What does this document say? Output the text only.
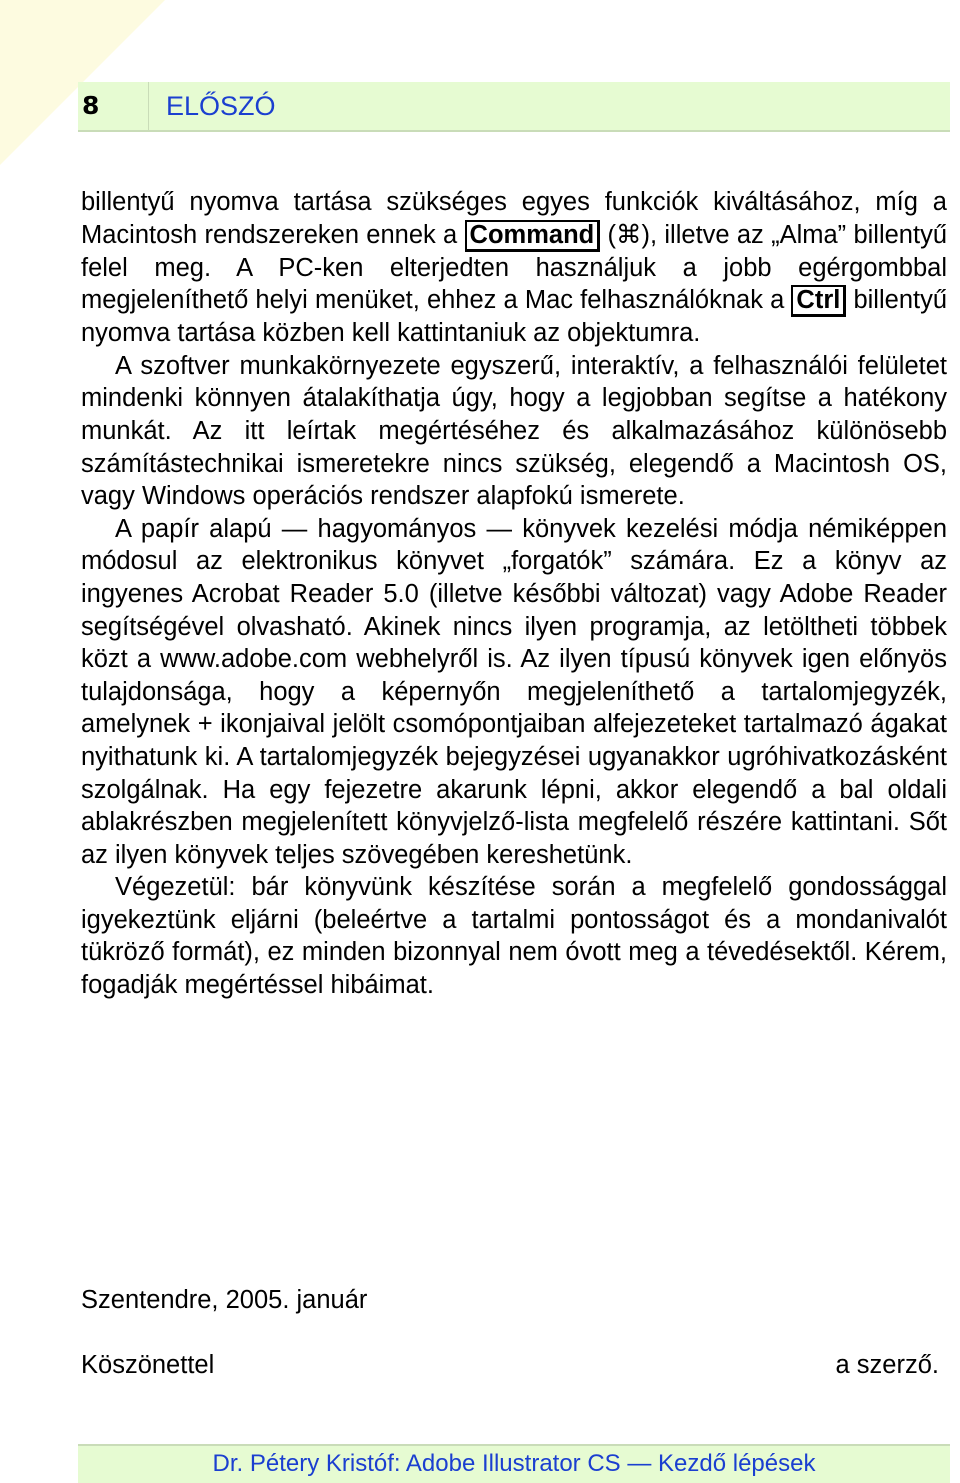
8 ELŐSZÓ

billentyű nyomva tartása szükséges egyes funkciók kiváltásához, míg a Macintosh rendszereken ennek a Command (⌘), illetve az „Alma” billentyű felel meg. A PC-ken elterjedten használjuk a jobb egérgombbal megjeleníthető helyi menüket, ehhez a Mac felhasználóknak a Ctrl billentyű nyomva tartása közben kell kattintaniuk az objektumra.

A szoftver munkakörnyezete egyszerű, interaktív, a felhasználói felületet mindenki könnyen átalakíthatja úgy, hogy a legjobban segítse a hatékony munkát. Az itt leírtak megértéséhez és alkalmazásához különösebb számítástechnikai ismeretekre nincs szükség, elegendő a Macintosh OS, vagy Windows operációs rendszer alapfokú ismerete.

A papír alapú — hagyományos — könyvek kezelési módja némiképpen módosul az elektronikus könyvet „forgatók” számára. Ez a könyv az ingyenes Acrobat Reader 5.0 (illetve későbbi változat) vagy Adobe Reader segítségével olvasható. Akinek nincs ilyen programja, az letöltheti többek közt a www.adobe.com webhelyről is. Az ilyen típusú könyvek igen előnyös tulajdonsága, hogy a képernyőn megjeleníthető a tartalomjegyzék, amelynek + ikonjaival jelölt csomópontjaiban alfejezeteket tartalmazó ágakat nyithatunk ki. A tartalomjegyzék bejegyzései ugyanakkor ugróhivatkozásként szolgálnak. Ha egy fejezetre akarunk lépni, akkor elegendő a bal oldali ablakrészben megjelenített könyvjelző-lista megfelelő részére kattintani. Sőt az ilyen könyvek teljes szövegében kereshetünk.

Végezetül: bár könyvünk készítése során a megfelelő gondossággal igyekeztünk eljárni (beleértve a tartalmi pontosságot és a mondanivalót tükröző formát), ez minden bizonnyal nem óvott meg a tévedésektől. Kérem, fogadják megértéssel hibáimat.

Szentendre, 2005. január
Köszönettel	a szerző.
Dr. Pétery Kristóf: Adobe Illustrator CS — Kezdő lépések
